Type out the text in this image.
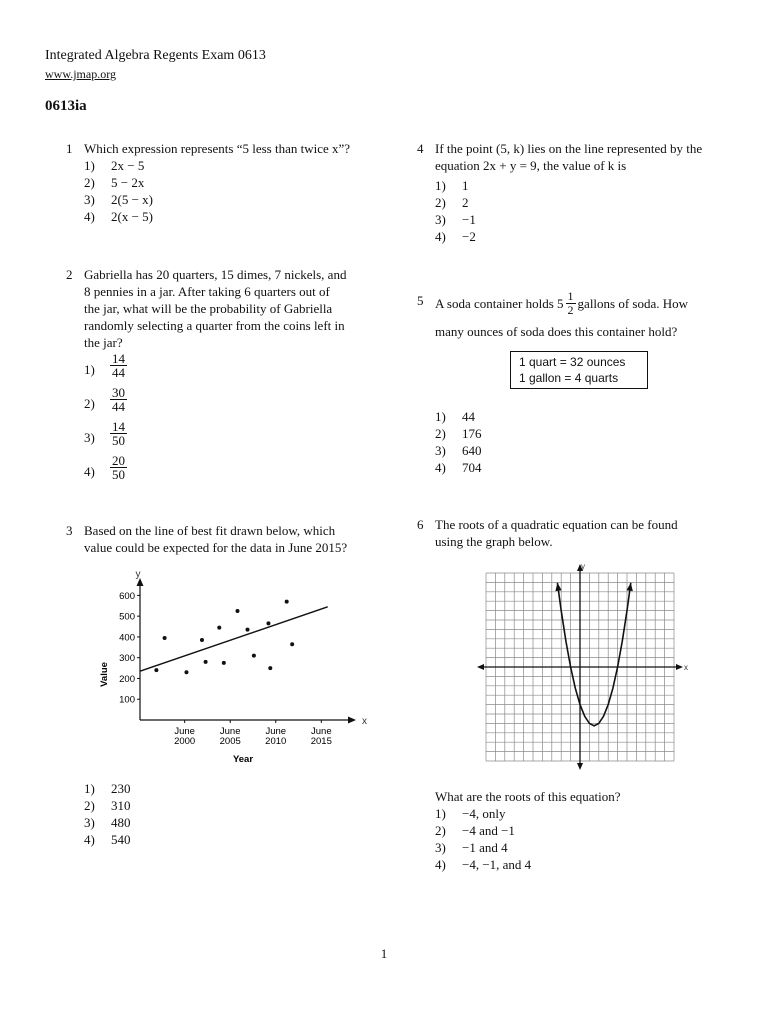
Integrated Algebra Regents Exam 0613
www.jmap.org
0613ia
1 Which expression represents “5 less than twice x”?
1)	2x − 5
2)	5 − 2x
3)	2(5 − x)
4)	2(x − 5)
2 Gabriella has 20 quarters, 15 dimes, 7 nickels, and
8 pennies in a jar. After taking 6 quarters out of
the jar, what will be the probability of Gabriella
randomly selecting a quarter from the coins left in
the jar?
$1) \frac{14}{44}$
$2) \frac{30}{44}$
$3) \frac{14}{50}$
$4) \frac{20}{50}$
3 Based on the line of best fit drawn below, which
value could be expected for the data in June 2015?
y
x
Value
Year
100
200
300
400
500
600
June
2000
June
2005
June
2010
June
2015
1)	230
2)	310
3)	480
4)	540
4 If the point (5, k) lies on the line represented by the
equation 2x + y = 9, the value of k is
1)	1
2)	2
3)	−1
4)	−2
5 A soda container holds $5 \frac{1}{2}$ gallons of soda. How
many ounces of soda does this container hold?
1 quart = 32 ounces
1 gallon = 4 quarts
1)	44
2)	176
3)	640
4)	704
6 The roots of a quadratic equation can be found
using the graph below.
y
x
What are the roots of this equation?
1)	−4, only
2)	−4 and −1
3)	−1 and 4
4)	−4, −1, and 4
1
